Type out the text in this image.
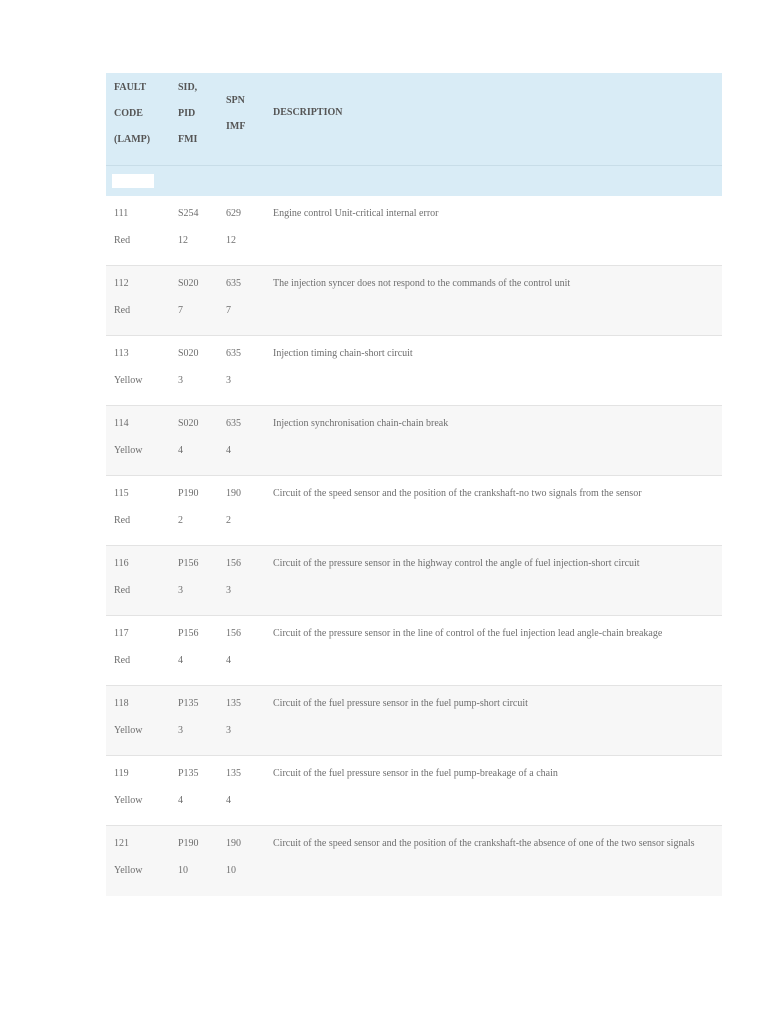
FAULT
CODE
(LAMP)
SID,
PID
FMI
SPN
IMF
DESCRIPTION
111
Red
S254
12
629
12
Engine control Unit-critical internal error
112
Red
S020
7
635
7
The injection syncer does not respond to the commands of the control unit
113
Yellow
S020
3
635
3
Injection timing chain-short circuit
114
Yellow
S020
4
635
4
Injection synchronisation chain-chain break
115
Red
P190
2
190
2
Circuit of the speed sensor and the position of the crankshaft-no two signals from the sensor
116
Red
P156
3
156
3
Circuit of the pressure sensor in the highway control the angle of fuel injection-short circuit
117
Red
P156
4
156
4
Circuit of the pressure sensor in the line of control of the fuel injection lead angle-chain breakage
118
Yellow
P135
3
135
3
Circuit of the fuel pressure sensor in the fuel pump-short circuit
119
Yellow
P135
4
135
4
Circuit of the fuel pressure sensor in the fuel pump-breakage of a chain
121
Yellow
P190
10
190
10
Circuit of the speed sensor and the position of the crankshaft-the absence of one of the two sensor signals
